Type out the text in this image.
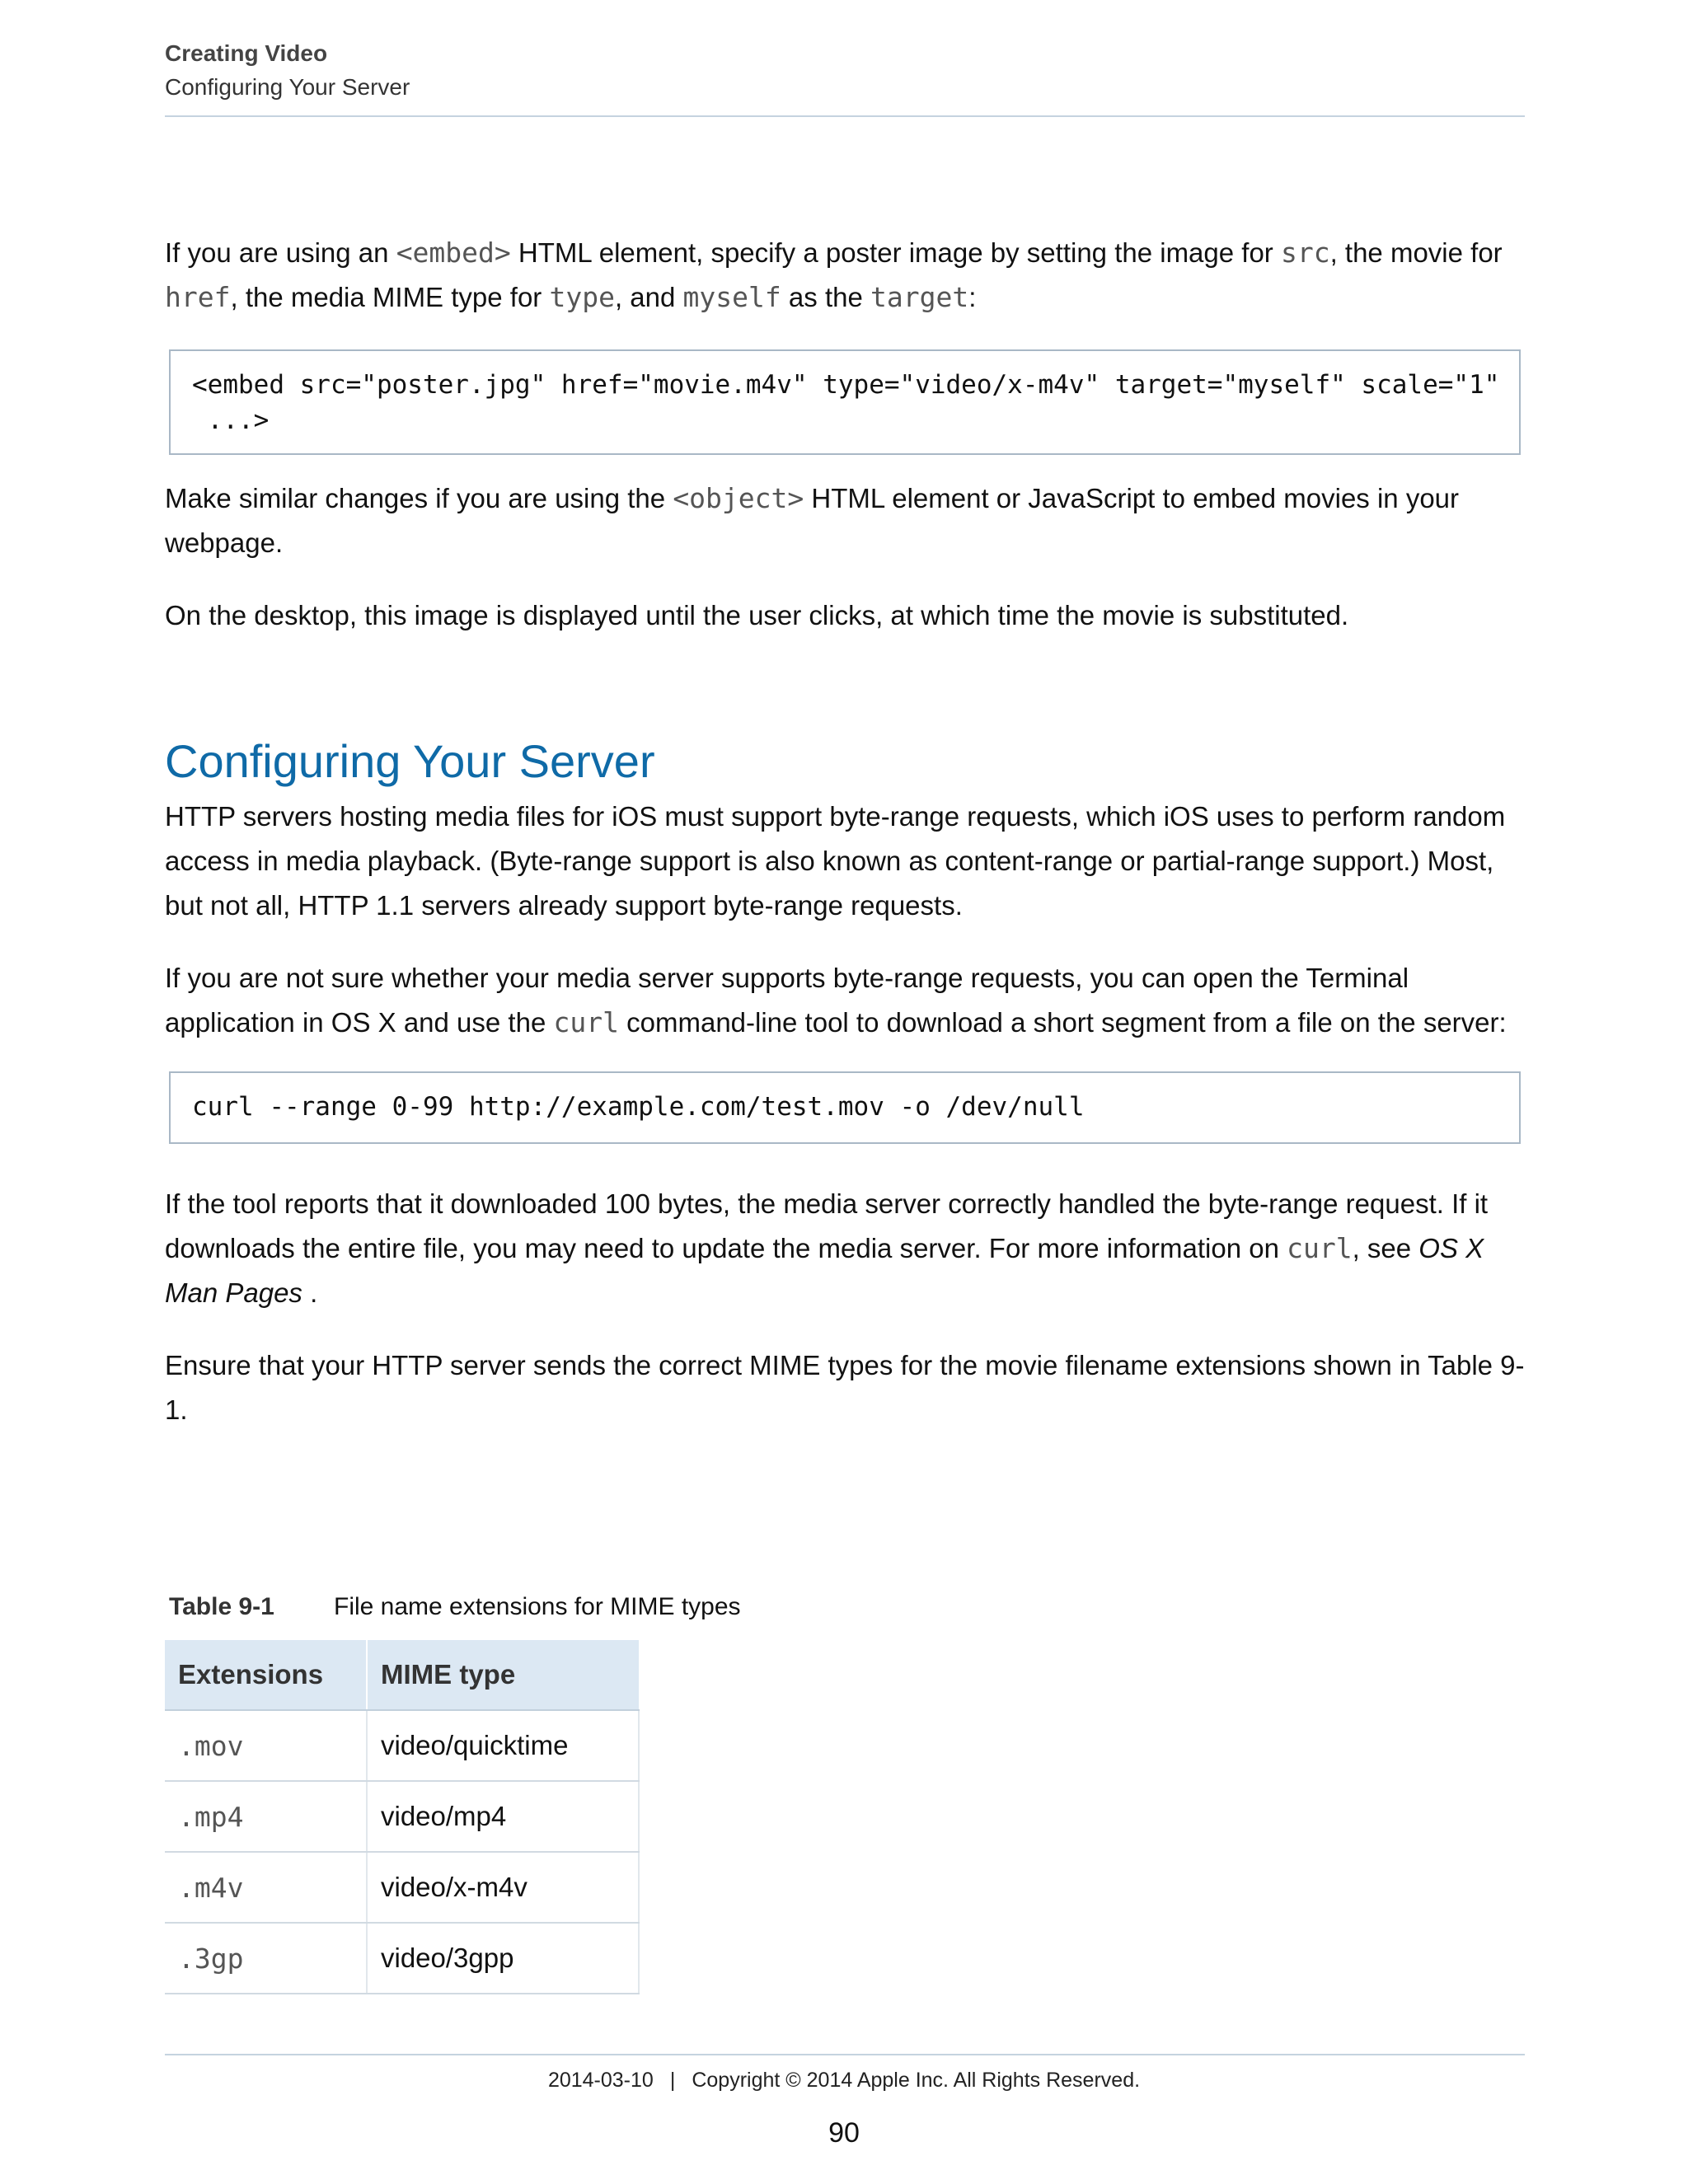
Creating Video
Configuring Your Server

If you are using an <embed> HTML element, specify a poster image by setting the image for src, the movie for href, the media MIME type for type, and myself as the target:

<embed src="poster.jpg" href="movie.m4v" type="video/x-m4v" target="myself" scale="1"
...>

Make similar changes if you are using the <object> HTML element or JavaScript to embed movies in your webpage.

On the desktop, this image is displayed until the user clicks, at which time the movie is substituted.

Configuring Your Server

HTTP servers hosting media files for iOS must support byte-range requests, which iOS uses to perform random access in media playback. (Byte-range support is also known as content-range or partial-range support.) Most, but not all, HTTP 1.1 servers already support byte-range requests.

If you are not sure whether your media server supports byte-range requests, you can open the Terminal application in OS X and use the curl command-line tool to download a short segment from a file on the server:

curl --range 0-99 http://example.com/test.mov -o /dev/null

If the tool reports that it downloaded 100 bytes, the media server correctly handled the byte-range request. If it downloads the entire file, you may need to update the media server. For more information on curl, see OS X Man Pages .

Ensure that your HTTP server sends the correct MIME types for the movie filename extensions shown in Table 9-1.

Table 9-1 File name extensions for MIME types
Extensions	MIME type
.mov	video/quicktime
.mp4	video/mp4
.m4v	video/x-m4v
.3gp	video/3gpp
2014-03-10 | Copyright © 2014 Apple Inc. All Rights Reserved.
90
